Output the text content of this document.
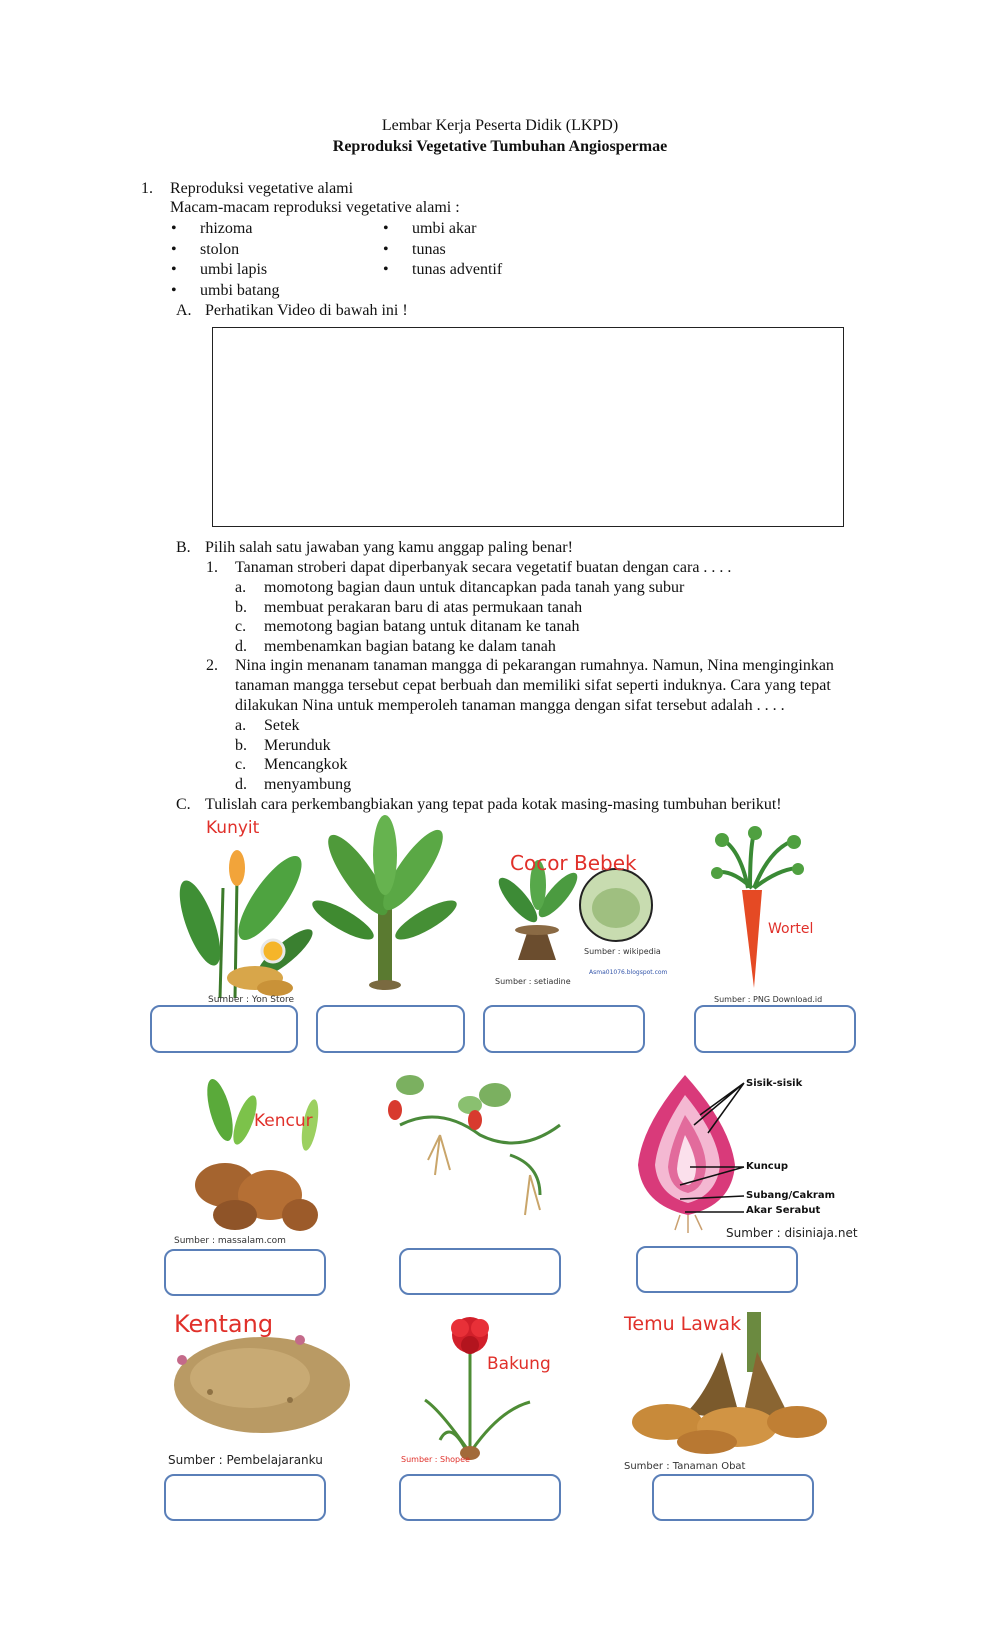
Lembar Kerja Peserta Didik (LKPD)
Reproduksi Vegetative Tumbuhan Angiospermae
1. Reproduksi vegetative alami
Macam-macam reproduksi vegetative alami :
• rhizoma
• stolon
• umbi lapis
• umbi batang
• umbi akar
• tunas
• tunas adventif
A. Perhatikan Video di bawah ini !
B. Pilih salah satu jawaban yang kamu anggap paling benar!
1. Tanaman stroberi dapat diperbanyak secara vegetatif buatan dengan cara . . . .
a. momotong bagian daun untuk ditancapkan pada tanah yang subur
b. membuat perakaran baru di atas permukaan tanah
c. memotong bagian batang untuk ditanam ke tanah
d. membenamkan bagian batang ke dalam tanah
2. Nina ingin menanam tanaman mangga di pekarangan rumahnya. Namun, Nina menginginkan
tanaman mangga tersebut cepat berbuah dan memiliki sifat seperti induknya. Cara yang tepat
dilakukan Nina untuk memperoleh tanaman mangga dengan sifat tersebut adalah . . . .
a. Setek
b. Merunduk
c. Mencangkok
d. menyambung
C. Tulislah cara perkembangbiakan yang tepat pada kotak masing-masing tumbuhan berikut!
Kunyit
Sumber : Yon Store
Cocor Bebek
Sumber : wikipedia
Sumber : setiadine
Asma01076.blogspot.com
Wortel
Sumber : PNG Download.id
Kencur
Sumber : massalam.com
Sisik-sisik
Kuncup
Subang/Cakram
Akar Serabut
Sumber : disiniaja.net
Kentang
Sumber : Pembelajaranku
Bakung
Sumber : Shopee
Temu Lawak
Sumber : Tanaman Obat
